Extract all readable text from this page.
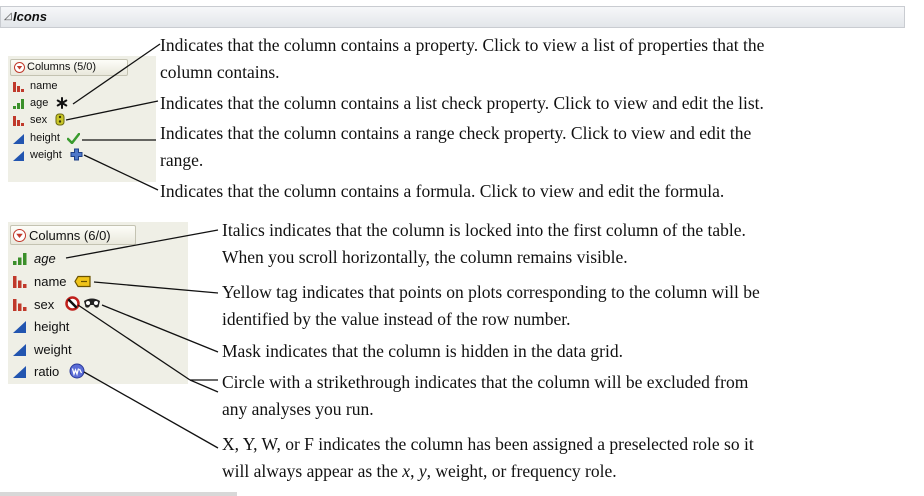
◿ Icons
Columns (5/0)
name
age
sex
height
weight
Indicates that the column contains a property. Click to view a list of properties that the
column contains.
Indicates that the column contains a list check property. Click to view and edit the list.
Indicates that the column contains a range check property. Click to view and edit the
range.
Indicates that the column contains a formula. Click to view and edit the formula.
Columns (6/0)
age
name
sex
height
weight
ratio
Italics indicates that the column is locked into the first column of the table.
When you scroll horizontally, the column remains visible.
Yellow tag indicates that points on plots corresponding to the column will be
identified by the value instead of the row number.
Mask indicates that the column is hidden in the data grid.
Circle with a strikethrough indicates that the column will be excluded from
any analyses you run.
X, Y, W, or F indicates the column has been assigned a preselected role so it
will always appear as the x, y, weight, or frequency role.
